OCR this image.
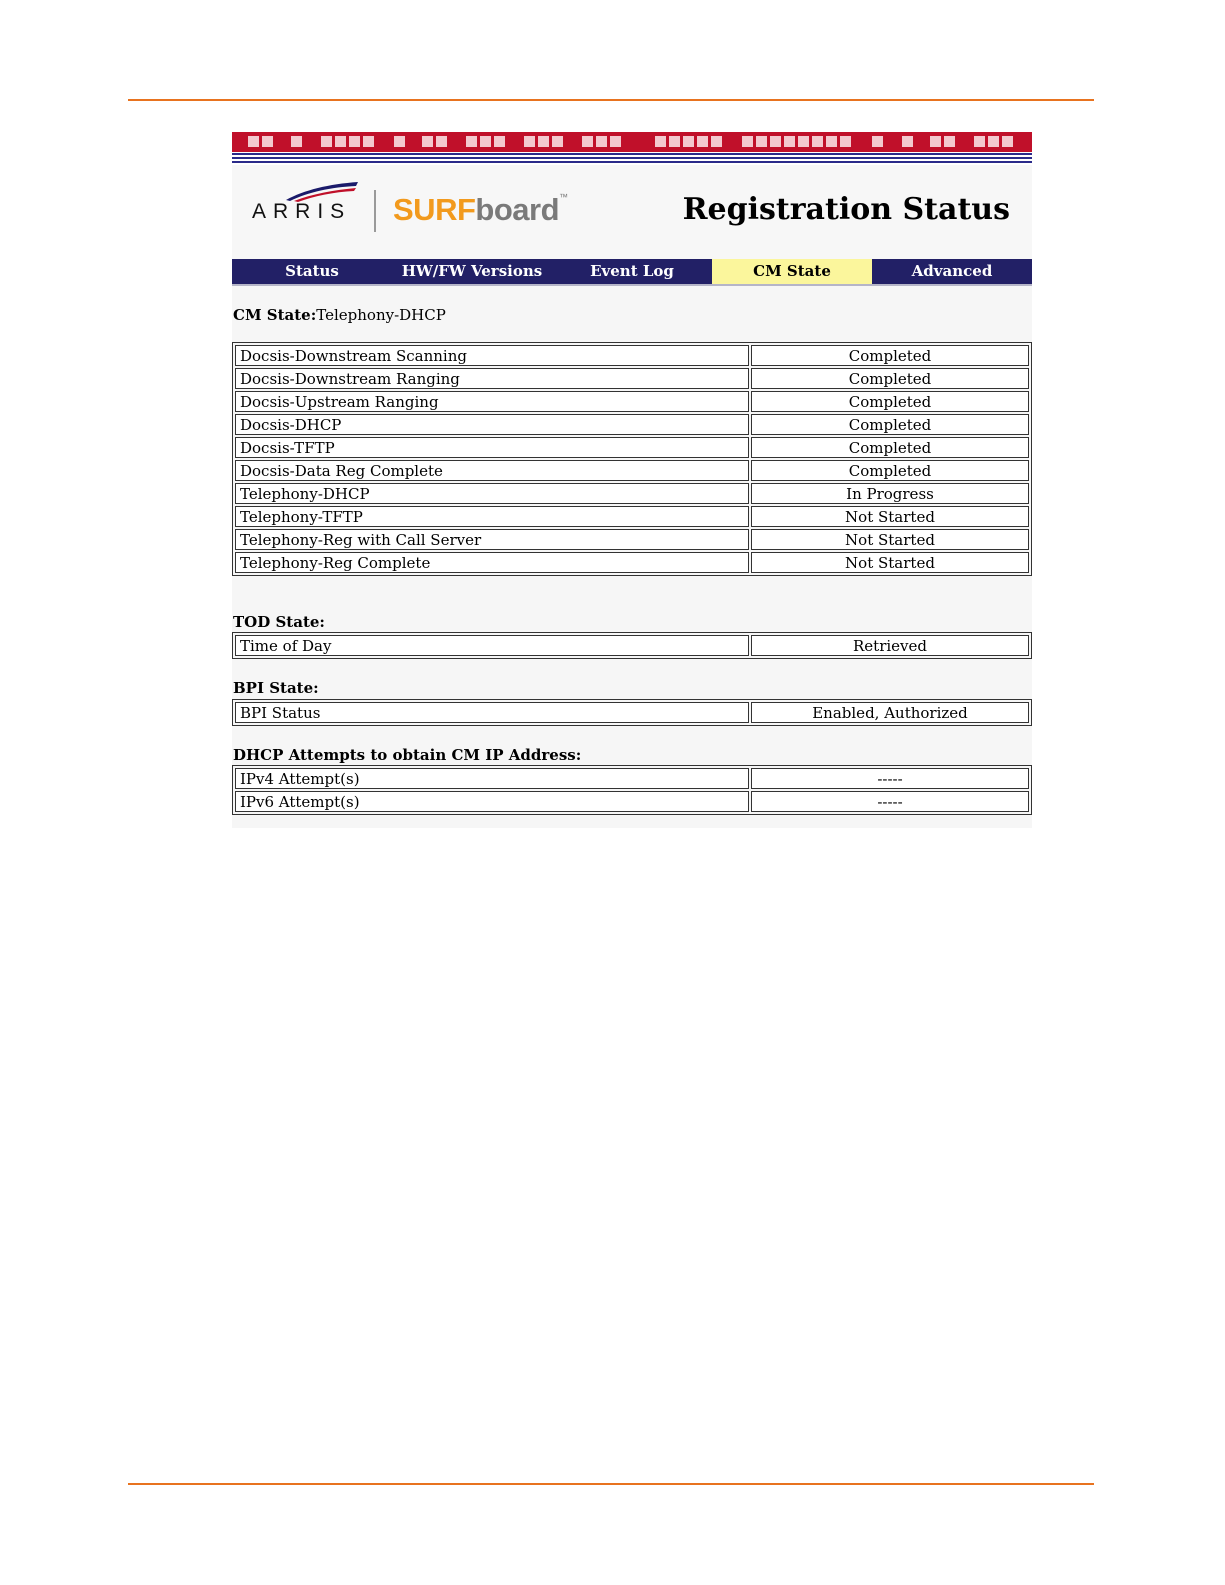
ARRIS SURFboard™	Registration Status
Status	HW/FW Versions	Event Log	CM State	Advanced
CM State:Telephony-DHCP
Docsis-Downstream Scanning	Completed
Docsis-Downstream Ranging	Completed
Docsis-Upstream Ranging	Completed
Docsis-DHCP	Completed
Docsis-TFTP	Completed
Docsis-Data Reg Complete	Completed
Telephony-DHCP	In Progress
Telephony-TFTP	Not Started
Telephony-Reg with Call Server	Not Started
Telephony-Reg Complete	Not Started
TOD State:
Time of Day	Retrieved
BPI State:
BPI Status	Enabled, Authorized
DHCP Attempts to obtain CM IP Address:
IPv4 Attempt(s)	-----
IPv6 Attempt(s)	-----
